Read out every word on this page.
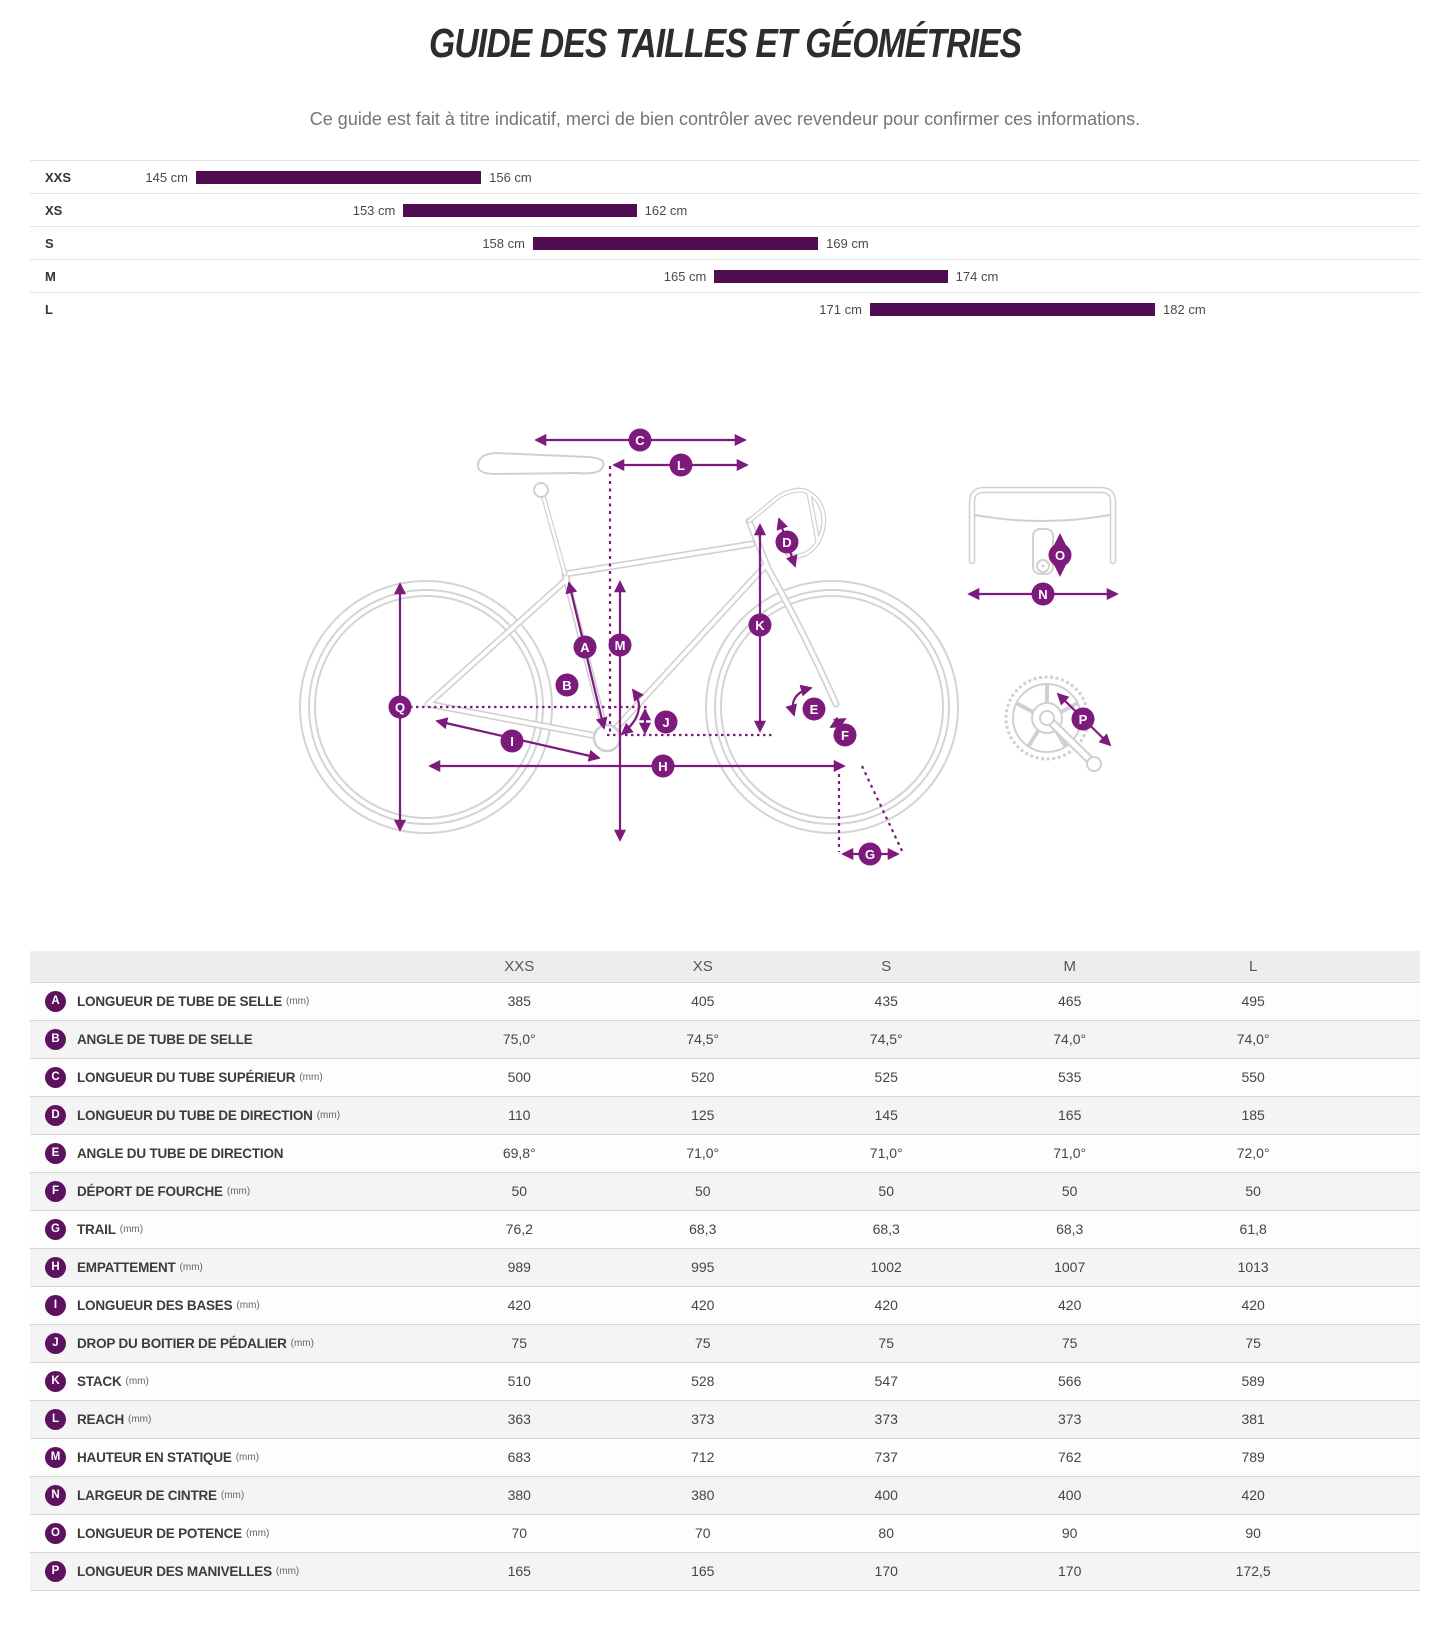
GUIDE DES TAILLES ET GÉOMÉTRIES
Ce guide est fait à titre indicatif, merci de bien contrôler avec revendeur pour confirmer ces informations.
XXS	145 cm	156 cm
XS	153 cm	162 cm
S	158 cm	169 cm
M	165 cm	174 cm
L	171 cm	182 cm
A
B
C
D
E
F
G
H
I
J
K
L
M
N
O
P
Q
	XXS	XS	S	M	L	

A LONGUEUR DE TUBE DE SELLE (mm)	385	405	435	465	495	

B ANGLE DE TUBE DE SELLE	75,0°	74,5°	74,5°	74,0°	74,0°	

C LONGUEUR DU TUBE SUPÉRIEUR (mm)	500	520	525	535	550	

D LONGUEUR DU TUBE DE DIRECTION (mm)	110	125	145	165	185	

E ANGLE DU TUBE DE DIRECTION	69,8°	71,0°	71,0°	71,0°	72,0°	

F DÉPORT DE FOURCHE (mm)	50	50	50	50	50	

G TRAIL (mm)	76,2	68,3	68,3	68,3	61,8	

H EMPATTEMENT (mm)	989	995	1002	1007	1013	

I LONGUEUR DES BASES (mm)	420	420	420	420	420	

J DROP DU BOITIER DE PÉDALIER (mm)	75	75	75	75	75	

K STACK (mm)	510	528	547	566	589	

L REACH (mm)	363	373	373	373	381	

M HAUTEUR EN STATIQUE (mm)	683	712	737	762	789	

N LARGEUR DE CINTRE (mm)	380	380	400	400	420	

O LONGUEUR DE POTENCE (mm)	70	70	80	90	90	

P LONGUEUR DES MANIVELLES (mm)	165	165	170	170	172,5	
